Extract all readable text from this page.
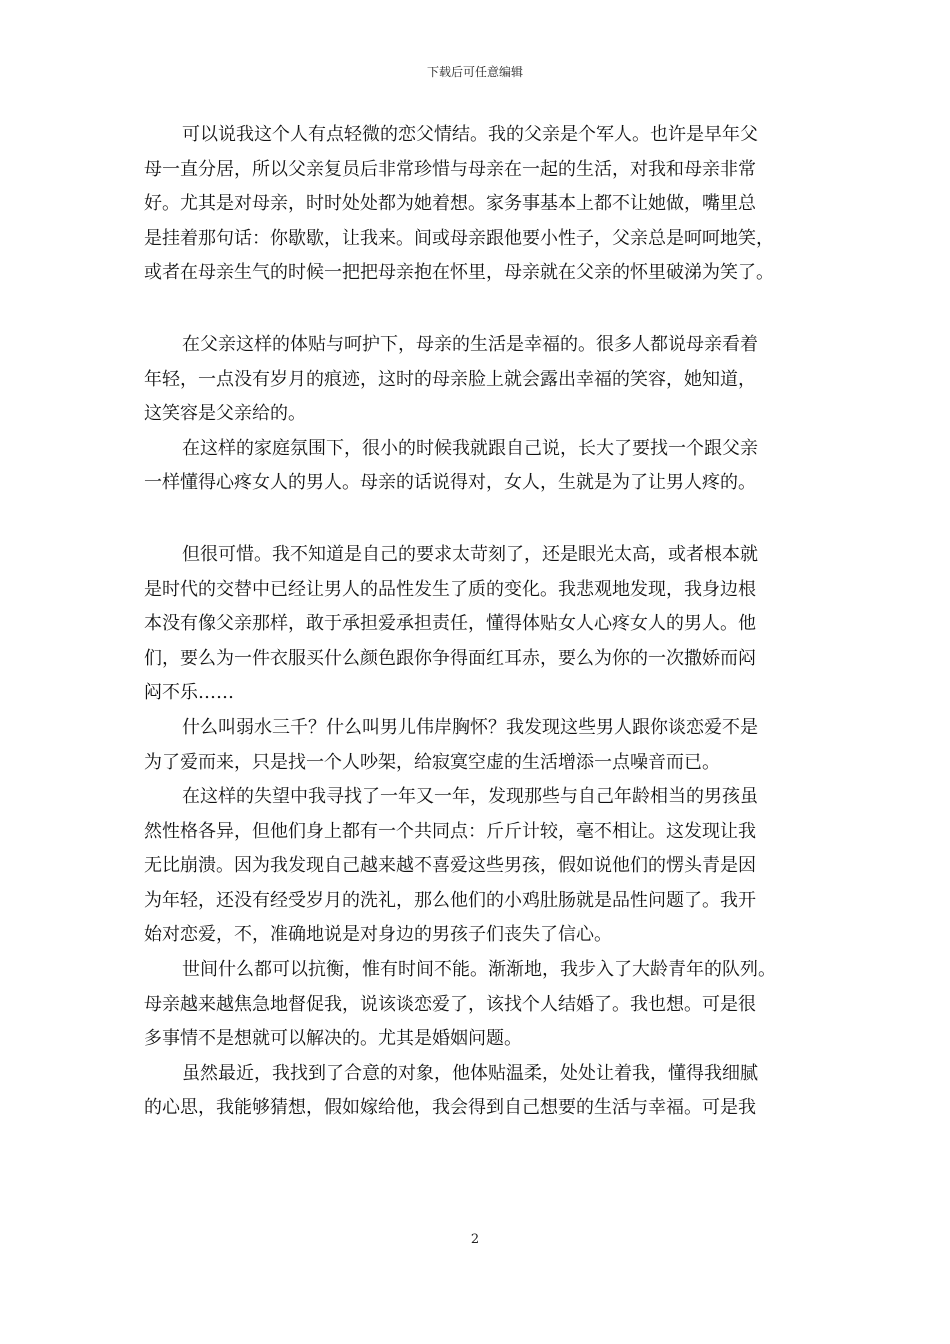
下载后可任意编辑
可以说我这个人有点轻微的恋父情结。我的父亲是个军人。也许是早年父
母一直分居，所以父亲复员后非常珍惜与母亲在一起的生活，对我和母亲非常
好。尤其是对母亲，时时处处都为她着想。家务事基本上都不让她做，嘴里总
是挂着那句话：你歇歇，让我来。间或母亲跟他要小性子，父亲总是呵呵地笑，
或者在母亲生气的时候一把把母亲抱在怀里，母亲就在父亲的怀里破涕为笑了。
在父亲这样的体贴与呵护下，母亲的生活是幸福的。很多人都说母亲看着
年轻，一点没有岁月的痕迹，这时的母亲脸上就会露出幸福的笑容，她知道，
这笑容是父亲给的。
在这样的家庭氛围下，很小的时候我就跟自己说，长大了要找一个跟父亲
一样懂得心疼女人的男人。母亲的话说得对，女人，生就是为了让男人疼的。
但很可惜。我不知道是自己的要求太苛刻了，还是眼光太高，或者根本就
是时代的交替中已经让男人的品性发生了质的变化。我悲观地发现，我身边根
本没有像父亲那样，敢于承担爱承担责任，懂得体贴女人心疼女人的男人。他
们，要么为一件衣服买什么颜色跟你争得面红耳赤，要么为你的一次撒娇而闷
闷不乐……
什么叫弱水三千？什么叫男儿伟岸胸怀？我发现这些男人跟你谈恋爱不是
为了爱而来，只是找一个人吵架，给寂寞空虚的生活增添一点噪音而已。
在这样的失望中我寻找了一年又一年，发现那些与自己年龄相当的男孩虽
然性格各异，但他们身上都有一个共同点：斤斤计较，毫不相让。这发现让我
无比崩溃。因为我发现自己越来越不喜爱这些男孩，假如说他们的愣头青是因
为年轻，还没有经受岁月的洗礼，那么他们的小鸡肚肠就是品性问题了。我开
始对恋爱，不，准确地说是对身边的男孩子们丧失了信心。
世间什么都可以抗衡，惟有时间不能。渐渐地，我步入了大龄青年的队列。
母亲越来越焦急地督促我，说该谈恋爱了，该找个人结婚了。我也想。可是很
多事情不是想就可以解决的。尤其是婚姻问题。
虽然最近，我找到了合意的对象，他体贴温柔，处处让着我，懂得我细腻
的心思，我能够猜想，假如嫁给他，我会得到自己想要的生活与幸福。可是我
2
